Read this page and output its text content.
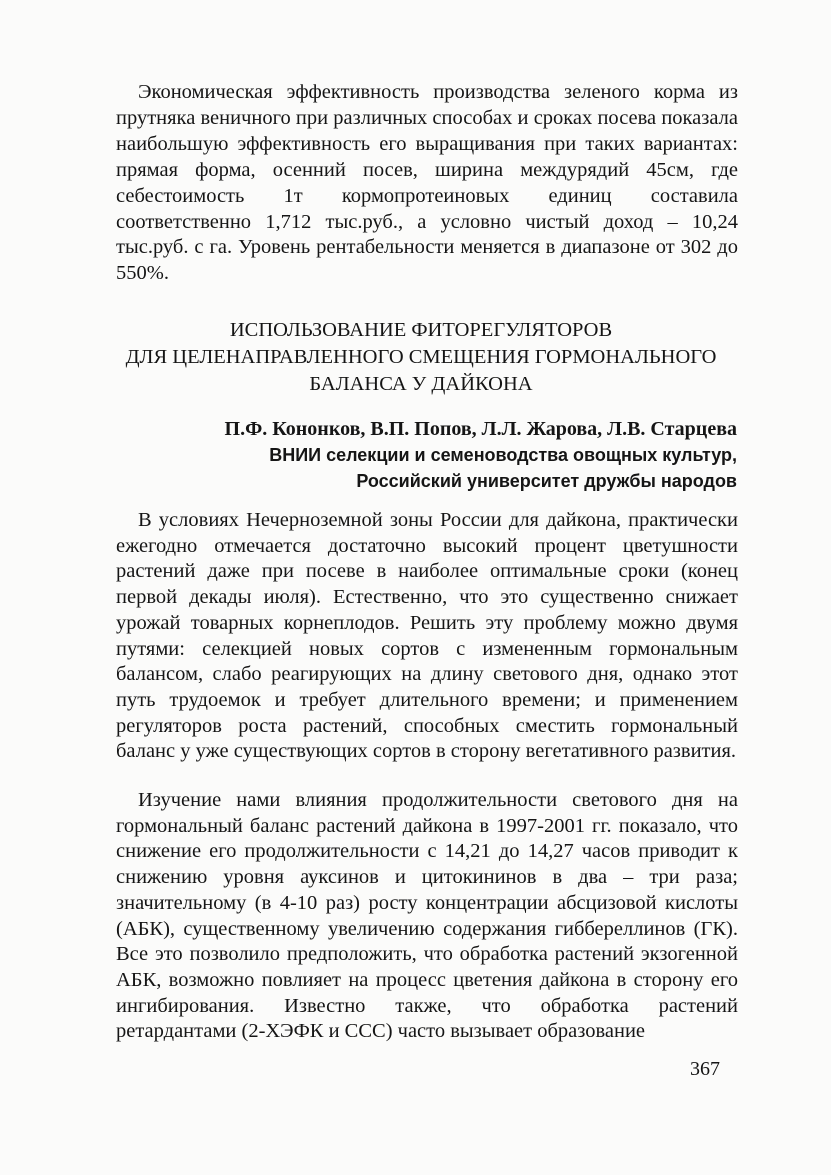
Экономическая эффективность производства зеленого корма из прутняка веничного при различных способах и сроках посева показала наибольшую эффективность его выращивания при таких вариантах: прямая форма, осенний посев, ширина междурядий 45см, где себестоимость 1т кормопротеиновых единиц составила соответственно 1,712 тыс.руб., а условно чистый доход – 10,24 тыс.руб. с га. Уровень рентабельности меняется в диапазоне от 302 до 550%.

ИСПОЛЬЗОВАНИЕ ФИТОРЕГУЛЯТОРОВ
ДЛЯ ЦЕЛЕНАПРАВЛЕННОГО СМЕЩЕНИЯ ГОРМОНАЛЬНОГО
БАЛАНСА У ДАЙКОНА
П.Ф. Кононков, В.П. Попов, Л.Л. Жарова, Л.В. Старцева
ВНИИ селекции и семеноводства овощных культур,
Российский университет дружбы народов

В условиях Нечерноземной зоны России для дайкона, практически ежегодно отмечается достаточно высокий процент цветушности растений даже при посеве в наиболее оптимальные сроки (конец первой декады июля). Естественно, что это существенно снижает урожай товарных корнеплодов. Решить эту проблему можно двумя путями: селекцией новых сортов с измененным гормональным балансом, слабо реагирующих на длину светового дня, однако этот путь трудоемок и требует длительного времени; и применением регуляторов роста растений, способных сместить гормональный баланс у уже существующих сортов в сторону вегетативного развития.

Изучение нами влияния продолжительности светового дня на гормональный баланс растений дайкона в 1997-2001 гг. показало, что снижение его продолжительности с 14,21 до 14,27 часов приводит к снижению уровня ауксинов и цитокининов в два – три раза; значительному (в 4-10 раз) росту концентрации абсцизовой кислоты (АБК), существенному увеличению содержания гиббереллинов (ГК). Все это позволило предположить, что обработка растений экзогенной АБК, возможно повлияет на процесс цветения дайкона в сторону его ингибирования. Известно также, что обработка растений ретардантами (2-ХЭФК и ССС) часто вызывает образование

367
